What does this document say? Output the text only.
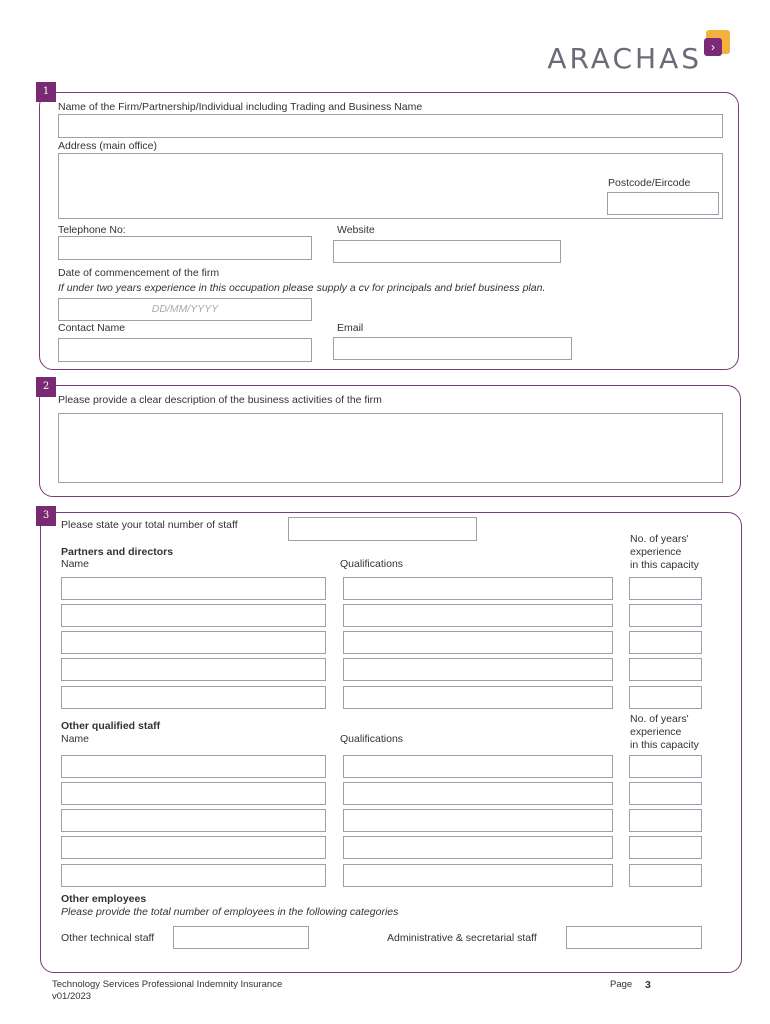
›
ARACHAS
1
Name of the Firm/Partnership/Individual including Trading and Business Name
Address (main office)
Postcode/Eircode
Telephone No:	Website
Date of commencement of the firm
If under two years experience in this occupation please supply a cv for principals and brief business plan.
DD/MM/YYYY
Contact Name	Email
2
Please provide a clear description of the business activities of the firm
3
Please state your total number of staff
No. of years'
experience
in this capacity
Partners and directors
Name	Qualifications
No. of years'
experience
in this capacity
Other qualified staff
Name	Qualifications
Other employees
Please provide the total number of employees in the following categories
Other technical staff	Administrative & secretarial staff
Technology Services Professional Indemnity Insurance
v01/2023
Page 3
